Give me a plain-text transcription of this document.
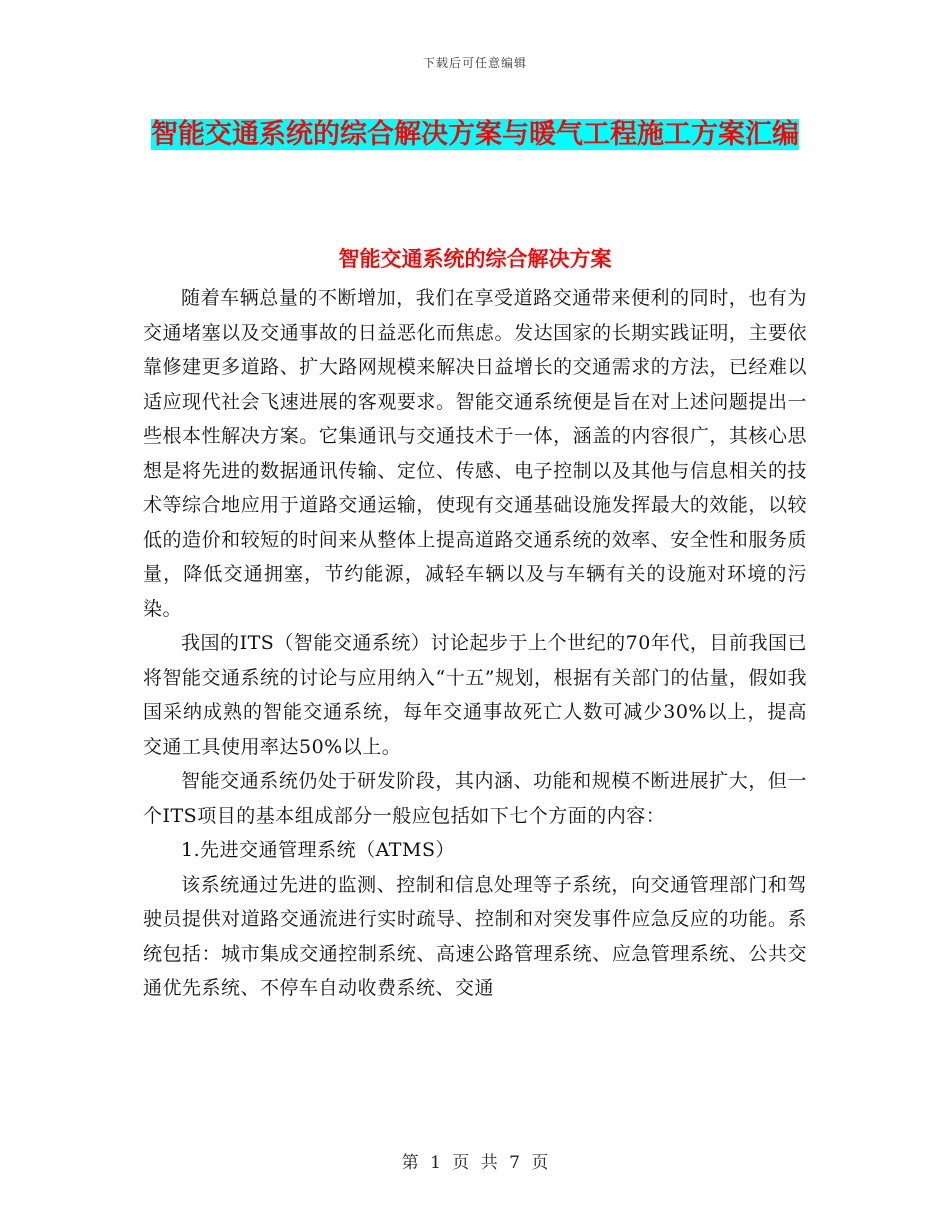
下载后可任意编辑
智能交通系统的综合解决方案与暖气工程施工方案汇编
智能交通系统的综合解决方案

随着车辆总量的不断增加，我们在享受道路交通带来便利的同时，也有为交通堵塞以及交通事故的日益恶化而焦虑。发达国家的长期实践证明，主要依靠修建更多道路、扩大路网规模来解决日益增长的交通需求的方法，已经难以适应现代社会飞速进展的客观要求。智能交通系统便是旨在对上述问题提出一些根本性解决方案。它集通讯与交通技术于一体，涵盖的内容很广，其核心思想是将先进的数据通讯传输、定位、传感、电子控制以及其他与信息相关的技术等综合地应用于道路交通运输，使现有交通基础设施发挥最大的效能，以较低的造价和较短的时间来从整体上提高道路交通系统的效率、安全性和服务质量，降低交通拥塞，节约能源，减轻车辆以及与车辆有关的设施对环境的污染。

我国的ITS（智能交通系统）讨论起步于上个世纪的70年代，目前我国已将智能交通系统的讨论与应用纳入“十五”规划，根据有关部门的估量，假如我国采纳成熟的智能交通系统，每年交通事故死亡人数可减少30%以上，提高交通工具使用率达50%以上。

智能交通系统仍处于研发阶段，其内涵、功能和规模不断进展扩大，但一个ITS项目的基本组成部分一般应包括如下七个方面的内容：

1.先进交通管理系统（ATMS）

该系统通过先进的监测、控制和信息处理等子系统，向交通管理部门和驾驶员提供对道路交通流进行实时疏导、控制和对突发事件应急反应的功能。系统包括：城市集成交通控制系统、高速公路管理系统、应急管理系统、公共交通优先系统、不停车自动收费系统、交通

第 1 页 共 7 页
